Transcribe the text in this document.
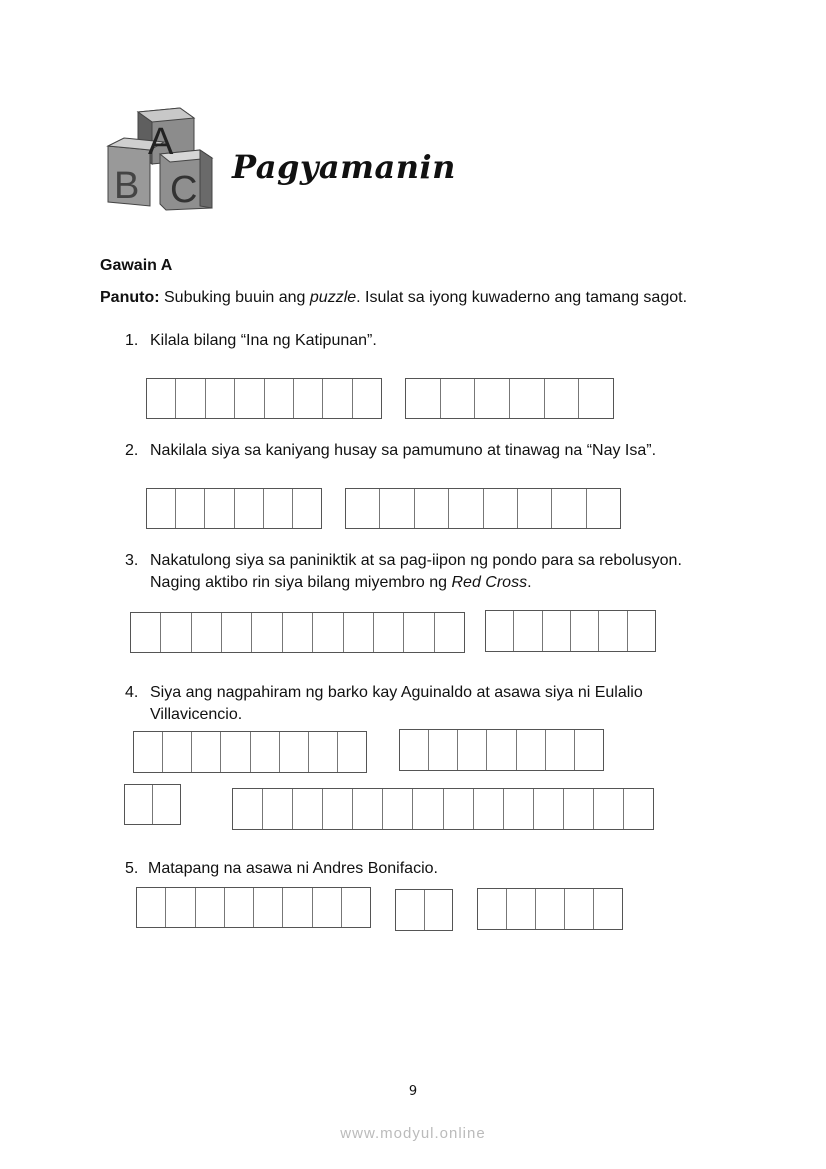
A
B C
Pagyamanin
Gawain A
Panuto: Subuking buuin ang puzzle. Isulat sa iyong kuwaderno ang tamang sagot.
1. Kilala bilang “Ina ng Katipunan”.
2. Nakilala siya sa kaniyang husay sa pamumuno at tinawag na “Nay Isa”.
3. Nakatulong siya sa paniniktik at sa pag-iipon ng pondo para sa rebolusyon.
Naging aktibo rin siya bilang miyembro ng Red Cross.
4. Siya ang nagpahiram ng barko kay Aguinaldo at asawa siya ni Eulalio
Villavicencio.
5. Matapang na asawa ni Andres Bonifacio.
9
www.modyul.online
